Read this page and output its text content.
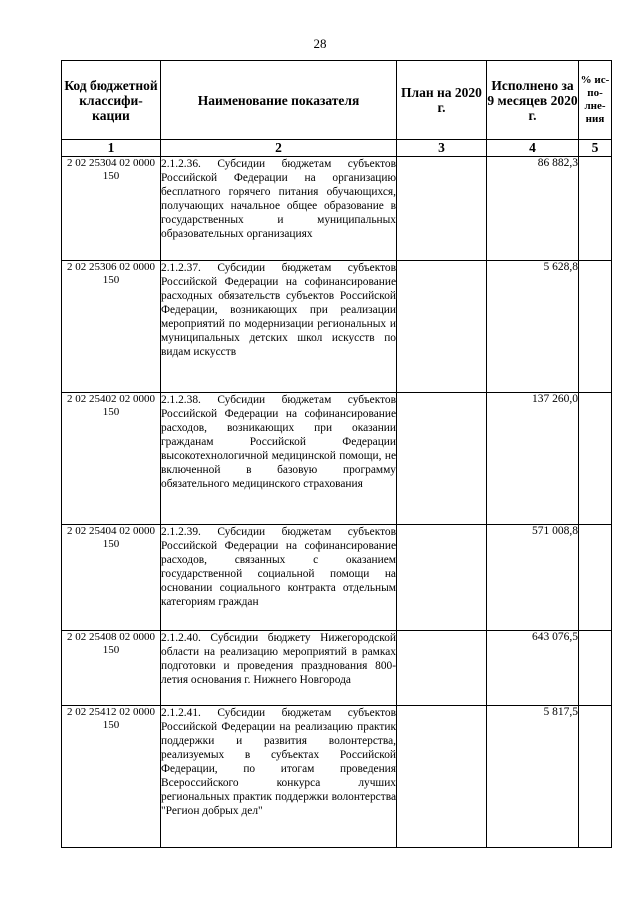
28
Код бюджетной классифи-кации	Наименование показателя	План на 2020 г.	Исполнено за 9 месяцев 2020 г.	% ис-по-лне-ния
1	2	3	4	5
2 02 25304 02 0000 150	2.1.2.36. Субсидии бюджетам субъектов Российской Федерации на организацию бесплатного горячего питания обучающихся, получающих начальное общее образование в государственных и муниципальных образовательных организациях		86 882,3	
2 02 25306 02 0000 150	2.1.2.37. Субсидии бюджетам субъектов Российской Федерации на софинансирование расходных обязательств субъектов Российской Федерации, возникающих при реализации мероприятий по модернизации региональных и муниципальных детских школ искусств по видам искусств		5 628,8	
2 02 25402 02 0000 150	2.1.2.38. Субсидии бюджетам субъектов Российской Федерации на софинансирование расходов, возникающих при оказании гражданам Российской Федерации высокотехнологичной медицинской помощи, не включенной в базовую программу обязательного медицинского страхования		137 260,0	
2 02 25404 02 0000 150	2.1.2.39. Субсидии бюджетам субъектов Российской Федерации на софинансирование расходов, связанных с оказанием государственной социальной помощи на основании социального контракта отдельным категориям граждан		571 008,8	
2 02 25408 02 0000 150	2.1.2.40. Субсидии бюджету Нижегородской области на реализацию мероприятий в рамках подготовки и проведения празднования 800-летия основания г. Нижнего Новгорода		643 076,5	
2 02 25412 02 0000 150	2.1.2.41. Субсидии бюджетам субъектов Российской Федерации на реализацию практик поддержки и развития волонтерства, реализуемых в субъектах Российской Федерации, по итогам проведения Всероссийского конкурса лучших региональных практик поддержки волонтерства "Регион добрых дел"		5 817,5	
